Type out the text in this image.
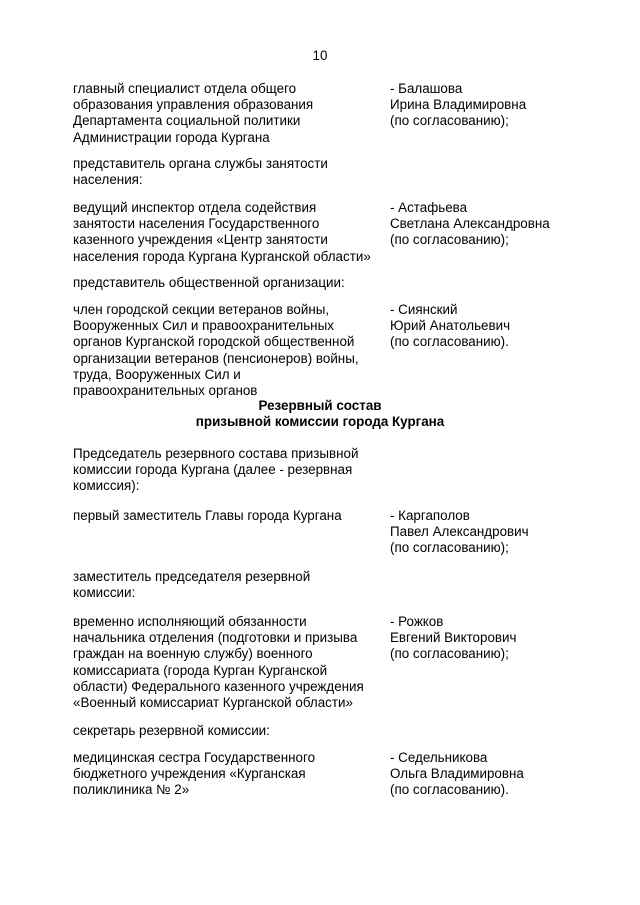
10
главный специалист отдела общего
образования управления образования
Департамента социальной политики
Администрации города Кургана
- Балашова
Ирина Владимировна
(по согласованию);
представитель органа службы занятости
населения:
ведущий инспектор отдела содействия
занятости населения Государственного
казенного учреждения «Центр занятости
населения города Кургана Курганской области»
- Астафьева
Светлана Александровна
(по согласованию);
представитель общественной организации:
член городской секции ветеранов войны,
Вооруженных Сил и правоохранительных
органов Курганской городской общественной
организации ветеранов (пенсионеров) войны,
труда, Вооруженных Сил и
правоохранительных органов
- Сиянский
Юрий Анатольевич
(по согласованию).
Резервный состав
призывной комиссии города Кургана
Председатель резервного состава призывной
комиссии города Кургана (далее - резервная
комиссия):
первый заместитель Главы города Кургана	- Каргаполов
Павел Александрович
(по согласованию);
заместитель председателя резервной
комиссии:
временно исполняющий обязанности
начальника отделения (подготовки и призыва
граждан на военную службу) военного
комиссариата (города Курган Курганской
области) Федерального казенного учреждения
«Военный комиссариат Курганской области»
- Рожков
Евгений Викторович
(по согласованию);
секретарь резервной комиссии:
медицинская сестра Государственного
бюджетного учреждения «Курганская
поликлиника № 2»
- Седельникова
Ольга Владимировна
(по согласованию).
